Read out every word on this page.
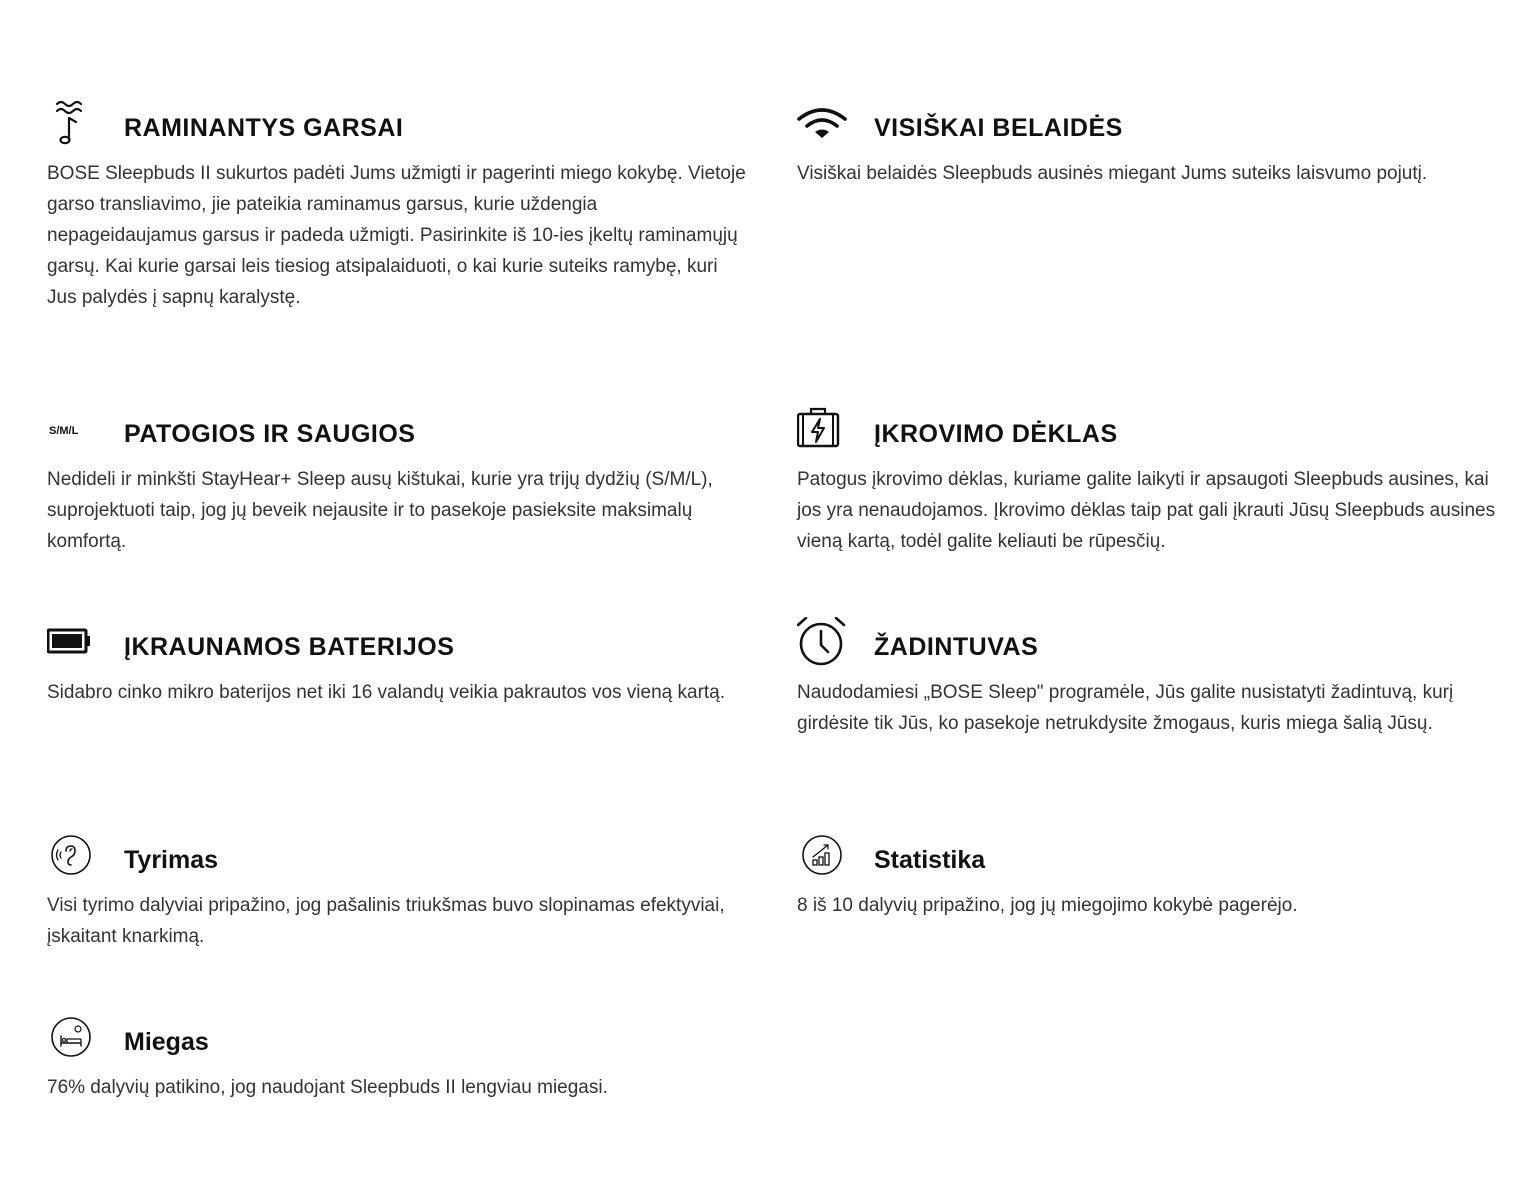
RAMINANTYS GARSAI

BOSE Sleepbuds II sukurtos padėti Jums užmigti ir pagerinti miego kokybę. Vietoje garso transliavimo, jie pateikia raminamus garsus, kurie uždengia nepageidaujamus garsus ir padeda užmigti. Pasirinkite iš 10-ies įkeltų raminamųjų garsų. Kai kurie garsai leis tiesiog atsipalaiduoti, o kai kurie suteiks ramybę, kuri Jus palydės į sapnų karalystę.

VISIŠKAI BELAIDĖS

Visiškai belaidės Sleepbuds ausinės miegant Jums suteiks laisvumo pojutį.

S/M/L PATOGIOS IR SAUGIOS

Nedideli ir minkšti StayHear+ Sleep ausų kištukai, kurie yra trijų dydžių (S/M/L), suprojektuoti taip, jog jų beveik nejausite ir to pasekoje pasieksite maksimalų komfortą.

ĮKROVIMO DĖKLAS

Patogus įkrovimo dėklas, kuriame galite laikyti ir apsaugoti Sleepbuds ausines, kai jos yra nenaudojamos. Įkrovimo dėklas taip pat gali įkrauti Jūsų Sleepbuds ausines vieną kartą, todėl galite keliauti be rūpesčių.

ĮKRAUNAMOS BATERIJOS

Sidabro cinko mikro baterijos net iki 16 valandų veikia pakrautos vos vieną kartą.

ŽADINTUVAS

Naudodamiesi „BOSE Sleep" programėle, Jūs galite nusistatyti žadintuvą, kurį girdėsite tik Jūs, ko pasekoje netrukdysite žmogaus, kuris miega šalią Jūsų.

Tyrimas

Visi tyrimo dalyviai pripažino, jog pašalinis triukšmas buvo slopinamas efektyviai, įskaitant knarkimą.

Statistika

8 iš 10 dalyvių pripažino, jog jų miegojimo kokybė pagerėjo.

Miegas

76% dalyvių patikino, jog naudojant Sleepbuds II lengviau miegasi.
